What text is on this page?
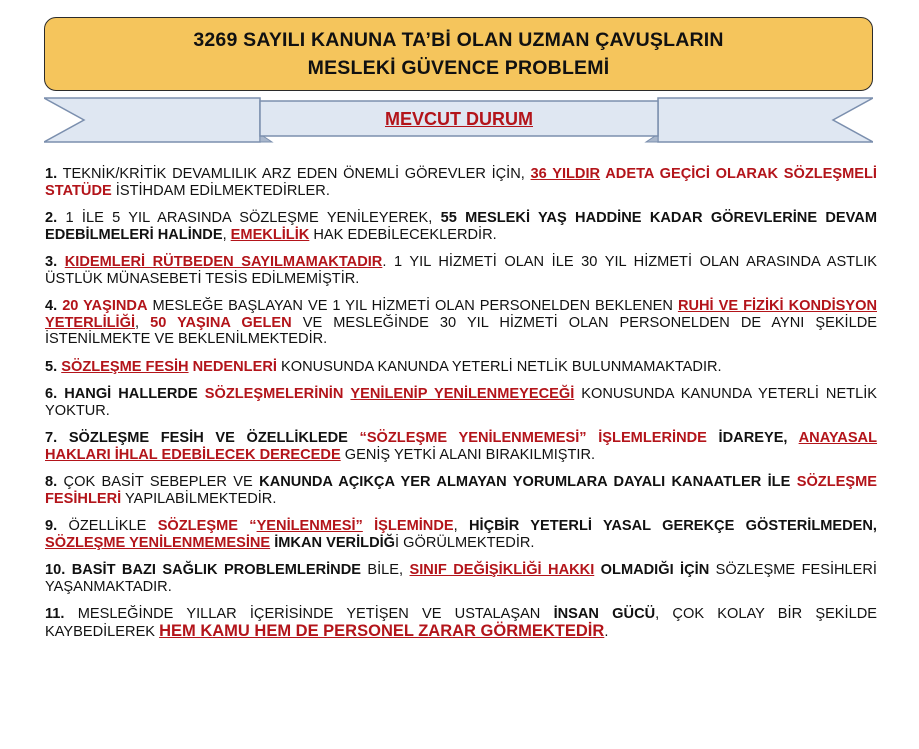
3269 SAYILI KANUNA TA’Bİ OLAN UZMAN ÇAVUŞLARIN
MESLEKİ GÜVENCE PROBLEMİ
MEVCUT DURUM
1. TEKNİK/KRİTİK DEVAMLILIK ARZ EDEN ÖNEMLİ GÖREVLER İÇİN, 36 YILDIR ADETA GEÇİCİ OLARAK SÖZLEŞMELİ STATÜDE İSTİHDAM EDİLMEKTEDİRLER.
2. 1 İLE 5 YIL ARASINDA SÖZLEŞME YENİLEYEREK, 55 MESLEKİ YAŞ HADDİNE KADAR GÖREVLERİNE DEVAM EDEBİLMELERİ HALİNDE, EMEKLİLİK HAK EDEBİLECEKLERDİR.
3. KIDEMLERİ RÜTBEDEN SAYILMAMAKTADIR. 1 YIL HİZMETİ OLAN İLE 30 YIL HİZMETİ OLAN ARASINDA ASTLIK ÜSTLÜK MÜNASEBETİ TESİS EDİLMEMİŞTİR.
4. 20 YAŞINDA MESLEĞE BAŞLAYAN VE 1 YIL HİZMETİ OLAN PERSONELDEN BEKLENEN RUHİ VE FİZİKİ KONDİSYON YETERLİLİĞİ, 50 YAŞINA GELEN VE MESLEĞİNDE 30 YIL HİZMETİ OLAN PERSONELDEN DE AYNI ŞEKİLDE İSTENİLMEKTE VE BEKLENİLMEKTEDİR.
5. SÖZLEŞME FESİH NEDENLERİ KONUSUNDA KANUNDA YETERLİ NETLİK BULUNMAMAKTADIR.
6. HANGİ HALLERDE SÖZLEŞMELERİNİN YENİLENİP YENİLENMEYECEĞİ KONUSUNDA KANUNDA YETERLİ NETLİK YOKTUR.
7. SÖZLEŞME FESİH VE ÖZELLİKLEDE “SÖZLEŞME YENİLENMEMESİ” İŞLEMLERİNDE İDAREYE, ANAYASAL HAKLARI İHLAL EDEBİLECEK DERECEDE GENİŞ YETKİ ALANI BIRAKILMIŞTIR.
8. ÇOK BASİT SEBEPLER VE KANUNDA AÇIKÇA YER ALMAYAN YORUMLARA DAYALI KANAATLER İLE SÖZLEŞME FESİHLERİ YAPILABİLMEKTEDİR.
9. ÖZELLİKLE SÖZLEŞME “YENİLENMESİ” İŞLEMİNDE, HİÇBİR YETERLİ YASAL GEREKÇE GÖSTERİLMEDEN, SÖZLEŞME YENİLENMEMESİNE İMKAN VERİLDİĞİ GÖRÜLMEKTEDİR.
10. BASİT BAZI SAĞLIK PROBLEMLERİNDE BİLE, SINIF DEĞİŞİKLİĞİ HAKKI OLMADIĞI İÇİN SÖZLEŞME FESİHLERİ YAŞANMAKTADIR.
11. MESLEĞİNDE YILLAR İÇERİSİNDE YETİŞEN VE USTALAŞAN İNSAN GÜCÜ, ÇOK KOLAY BİR ŞEKİLDE KAYBEDİLEREK HEM KAMU HEM DE PERSONEL ZARAR GÖRMEKTEDİR.
